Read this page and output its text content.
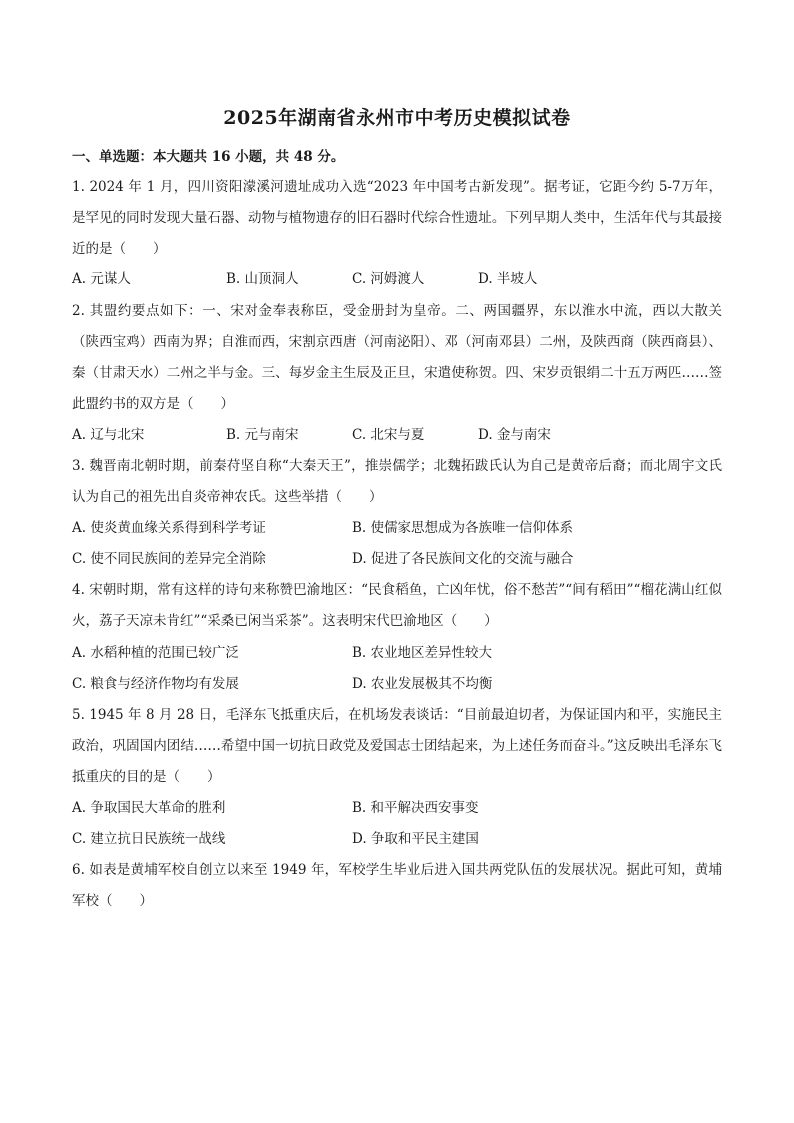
2025年湖南省永州市中考历史模拟试卷
一、单选题：本大题共 16 小题，共 48 分。
1. 2024 年 1 月，四川资阳濛溪河遗址成功入选“2023 年中国考古新发现”。据考证，它距今约 5-7万年，是罕见的同时发现大量石器、动物与植物遗存的旧石器时代综合性遗址。下列早期人类中，生活年代与其最接近的是（　　）
A. 元谋人	B. 山顶洞人	C. 河姆渡人	D. 半坡人
2. 其盟约要点如下：一、宋对金奉表称臣，受金册封为皇帝。二、两国疆界，东以淮水中流，西以大散关（陕西宝鸡）西南为界；自淮而西，宋割京西唐（河南泌阳）、邓（河南邓县）二州，及陕西商（陕西商县）、秦（甘肃天水）二州之半与金。三、每岁金主生辰及正旦，宋遣使称贺。四、宋岁贡银绢二十五万两匹……签此盟约书的双方是（　　）
A. 辽与北宋	B. 元与南宋	C. 北宋与夏	D. 金与南宋
3. 魏晋南北朝时期，前秦苻坚自称“大秦天王”，推崇儒学；北魏拓跋氏认为自己是黄帝后裔；而北周宇文氏认为自己的祖先出自炎帝神农氏。这些举措（　　）
A. 使炎黄血缘关系得到科学考证	B. 使儒家思想成为各族唯一信仰体系
C. 使不同民族间的差异完全消除	D. 促进了各民族间文化的交流与融合
4. 宋朝时期，常有这样的诗句来称赞巴渝地区：“民食稻鱼，亡凶年忧，俗不愁苦”“间有稻田”“榴花满山红似火，荔子天凉未肯红”“采桑已闲当采茶”。这表明宋代巴渝地区（　　）
A. 水稻种植的范围已较广泛	B. 农业地区差异性较大
C. 粮食与经济作物均有发展	D. 农业发展极其不均衡
5. 1945 年 8 月 28 日，毛泽东飞抵重庆后，在机场发表谈话：“目前最迫切者，为保证国内和平，实施民主政治，巩固国内团结……希望中国一切抗日政党及爱国志士团结起来，为上述任务而奋斗。”这反映出毛泽东飞抵重庆的目的是（　　）
A. 争取国民大革命的胜利	B. 和平解决西安事变
C. 建立抗日民族统一战线	D. 争取和平民主建国
6. 如表是黄埔军校自创立以来至 1949 年，军校学生毕业后进入国共两党队伍的发展状况。据此可知，黄埔军校（　　）
